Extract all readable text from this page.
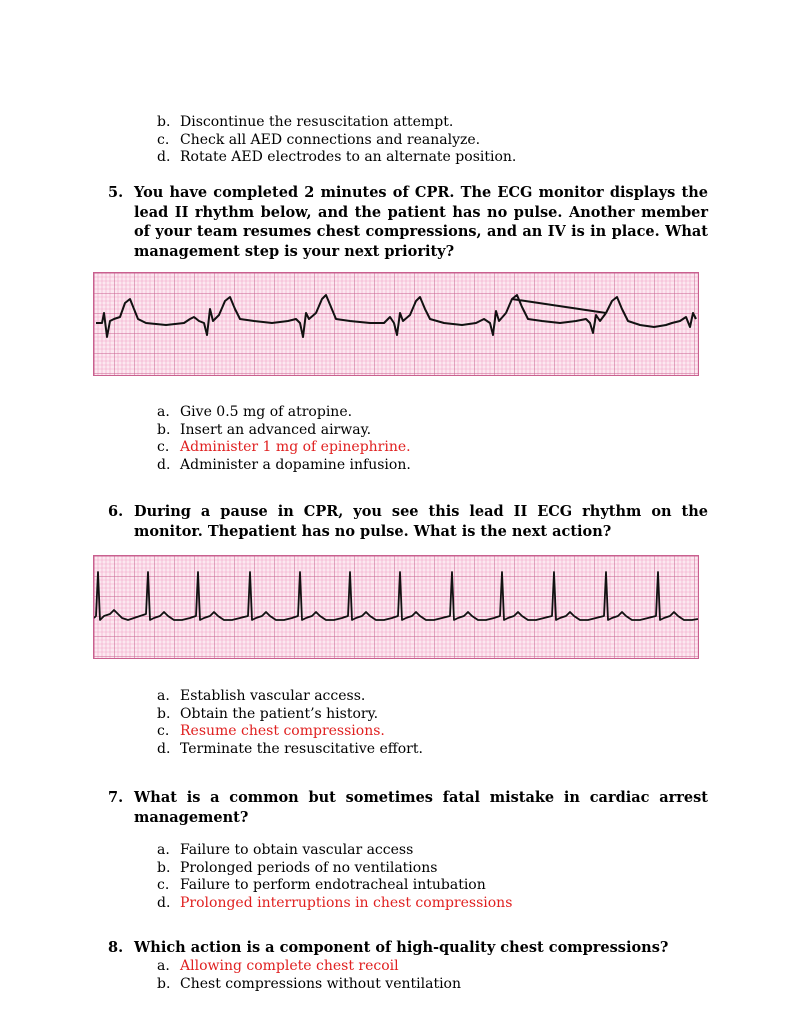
b. Discontinue the resuscitation attempt.
c. Check all AED connections and reanalyze.
d. Rotate AED electrodes to an alternate position.
5. You have completed 2 minutes of CPR. The ECG monitor displays the lead II rhythm below, and the patient has no pulse. Another member of your team resumes chest compressions, and an IV is in place. What management step is your next priority?
a. Give 0.5 mg of atropine.
b. Insert an advanced airway.
c. Administer 1 mg of epinephrine.
d. Administer a dopamine infusion.
6. During a pause in CPR, you see this lead II ECG rhythm on the monitor. Thepatient has no pulse. What is the next action?
a. Establish vascular access.
b. Obtain the patient’s history.
c. Resume chest compressions.
d. Terminate the resuscitative effort.
7. What is a common but sometimes fatal mistake in cardiac arrest management?
a. Failure to obtain vascular access
b. Prolonged periods of no ventilations
c. Failure to perform endotracheal intubation
d. Prolonged interruptions in chest compressions
8. Which action is a component of high-quality chest compressions?
a. Allowing complete chest recoil
b. Chest compressions without ventilation
